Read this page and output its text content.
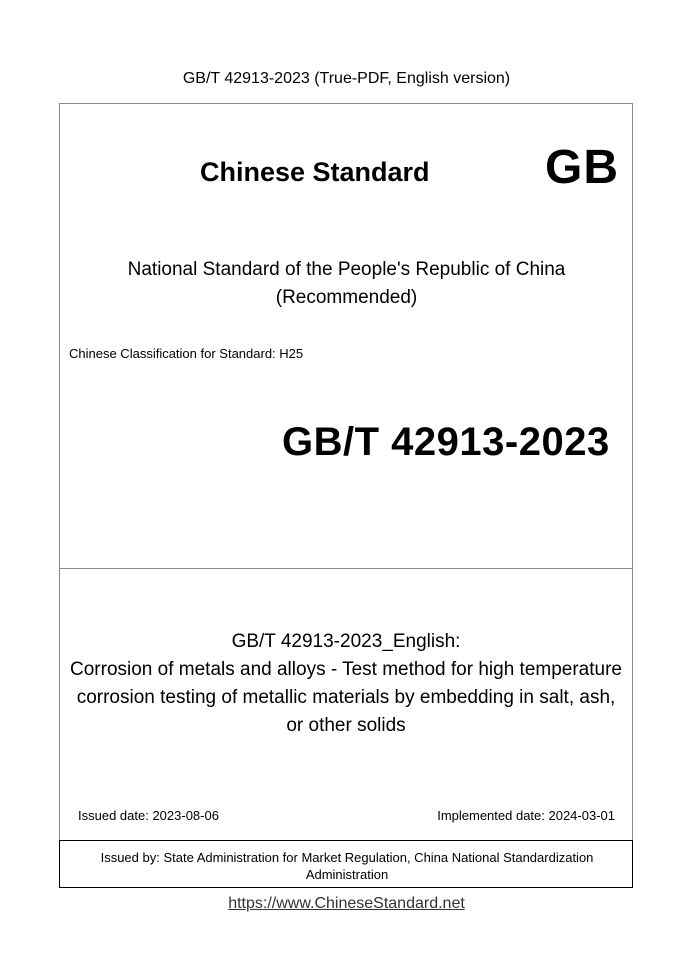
GB/T 42913-2023 (True-PDF, English version)
Chinese Standard GB
National Standard of the People's Republic of China
(Recommended)
Chinese Classification for Standard: H25
GB/T 42913-2023
GB/T 42913-2023_English:
Corrosion of metals and alloys - Test method for high temperature corrosion testing of metallic materials by embedding in salt, ash, or other solids
Issued date: 2023-08-06	Implemented date: 2024-03-01
Issued by: State Administration for Market Regulation, China National Standardization Administration
https://www.ChineseStandard.net
